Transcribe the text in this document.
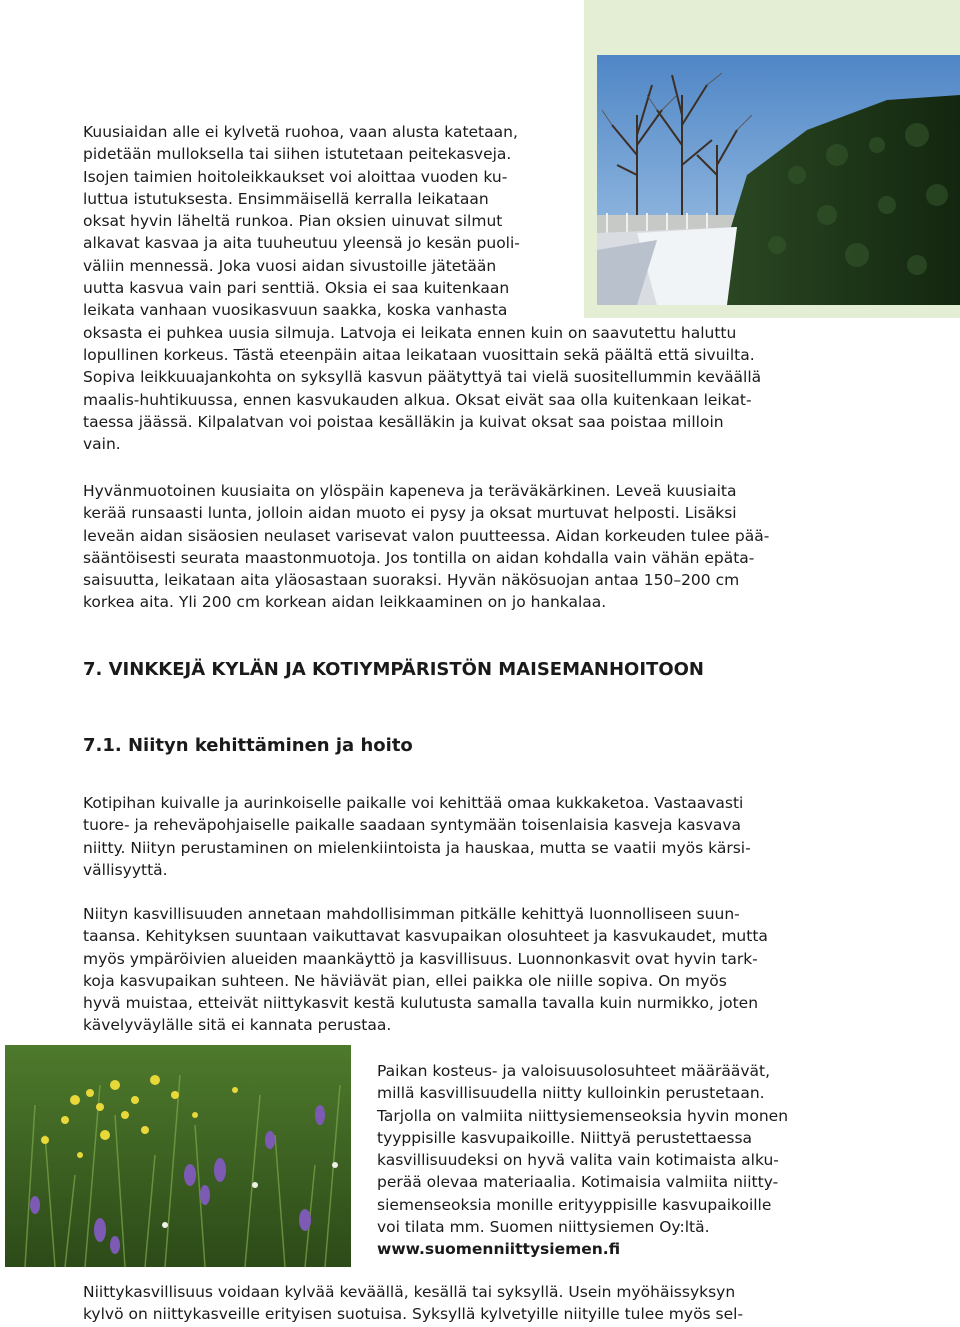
Kuusiaidan alle ei kylvetä ruohoa, vaan alusta katetaan,
pidetään mulloksella tai siihen istutetaan peitekasveja.
Isojen taimien hoitoleikkaukset voi aloittaa vuoden ku-
luttua istutuksesta. Ensimmäisellä kerralla leikataan
oksat hyvin läheltä runkoa. Pian oksien uinuvat silmut
alkavat kasvaa ja aita tuuheutuu yleensä jo kesän puoli-
väliin mennessä. Joka vuosi aidan sivustoille jätetään
uutta kasvua vain pari senttiä. Oksia ei saa kuitenkaan
leikata vanhaan vuosikasvuun saakka, koska vanhasta
oksasta ei puhkea uusia silmuja. Latvoja ei leikata ennen kuin on saavutettu haluttu
lopullinen korkeus. Tästä eteenpäin aitaa leikataan vuosittain sekä päältä että sivuilta.
Sopiva leikkuuajankohta on syksyllä kasvun päätyttyä tai vielä suositellummin keväällä
maalis-huhtikuussa, ennen kasvukauden alkua. Oksat eivät saa olla kuitenkaan leikat-
taessa jäässä. Kilpalatvan voi poistaa kesälläkin ja kuivat oksat saa poistaa milloin
vain.
Hyvänmuotoinen kuusiaita on ylöspäin kapeneva ja teräväkärkinen. Leveä kuusiaita
kerää runsaasti lunta, jolloin aidan muoto ei pysy ja oksat murtuvat helposti. Lisäksi
leveän aidan sisäosien neulaset varisevat valon puutteessa. Aidan korkeuden tulee pää-
sääntöisesti seurata maastonmuotoja. Jos tontilla on aidan kohdalla vain vähän epäta-
saisuutta, leikataan aita yläosastaan suoraksi. Hyvän näkösuojan antaa 150–200 cm
korkea aita. Yli 200 cm korkean aidan leikkaaminen on jo hankalaa.
7. VINKKEJÄ KYLÄN JA KOTIYMPÄRISTÖN MAISEMANHOITOON
7.1. Niityn kehittäminen ja hoito
Kotipihan kuivalle ja aurinkoiselle paikalle voi kehittää omaa kukkaketoa. Vastaavasti
tuore- ja reheväpohjaiselle paikalle saadaan syntymään toisenlaisia kasveja kasvava
niitty. Niityn perustaminen on mielenkiintoista ja hauskaa, mutta se vaatii myös kärsi-
vällisyyttä.
Niityn kasvillisuuden annetaan mahdollisimman pitkälle kehittyä luonnolliseen suun-
taansa. Kehityksen suuntaan vaikuttavat kasvupaikan olosuhteet ja kasvukaudet, mutta
myös ympäröivien alueiden maankäyttö ja kasvillisuus. Luonnonkasvit ovat hyvin tark-
koja kasvupaikan suhteen. Ne häviävät pian, ellei paikka ole niille sopiva. On myös
hyvä muistaa, etteivät niittykasvit kestä kulutusta samalla tavalla kuin nurmikko, joten
kävelyväylälle sitä ei kannata perustaa.
Paikan kosteus- ja valoisuusolosuhteet määräävät,
millä kasvillisuudella niitty kulloinkin perustetaan.
Tarjolla on valmiita niittysiemenseoksia hyvin monen
tyyppisille kasvupaikoille. Niittyä perustettaessa
kasvillisuudeksi on hyvä valita vain kotimaista alku-
perää olevaa materiaalia. Kotimaisia valmiita niitty-
siemenseoksia monille erityyppisille kasvupaikoille
voi tilata mm. Suomen niittysiemen Oy:ltä.
www.suomenniittysiemen.fi
Niittykasvillisuus voidaan kylvää keväällä, kesällä tai syksyllä. Usein myöhäissyksyn
kylvö on niittykasveille erityisen suotuisa. Syksyllä kylvetyille niityille tulee myös sel-
